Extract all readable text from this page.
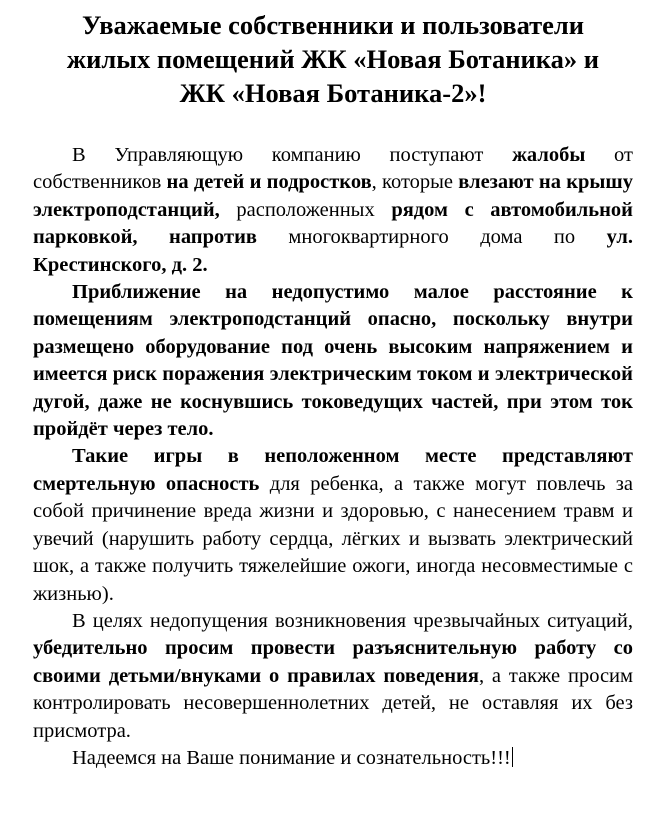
Уважаемые собственники и пользователи
жилых помещений ЖК «Новая Ботаника» и
ЖК «Новая Ботаника-2»!

В Управляющую компанию поступают жалобы от собственников на детей и подростков, которые влезают на крышу электроподстанций, расположенных рядом с автомобильной парковкой, напротив многоквартирного дома по ул. Крестинского, д. 2.

Приближение на недопустимо малое расстояние к помещениям электроподстанций опасно, поскольку внутри размещено оборудование под очень высоким напряжением и имеется риск поражения электрическим током и электрической дугой, даже не коснувшись токоведущих частей, при этом ток пройдёт через тело.

Такие игры в неположенном месте представляют смертельную опасность для ребенка, а также могут повлечь за собой причинение вреда жизни и здоровью, с нанесением травм и увечий (нарушить работу сердца, лёгких и вызвать электрический шок, а также получить тяжелейшие ожоги, иногда несовместимые с жизнью).

В целях недопущения возникновения чрезвычайных ситуаций, убедительно просим провести разъяснительную работу со своими детьми/внуками о правилах поведения, а также просим контролировать несовершеннолетних детей, не оставляя их без присмотра.

Надеемся на Ваше понимание и сознательность!!!
